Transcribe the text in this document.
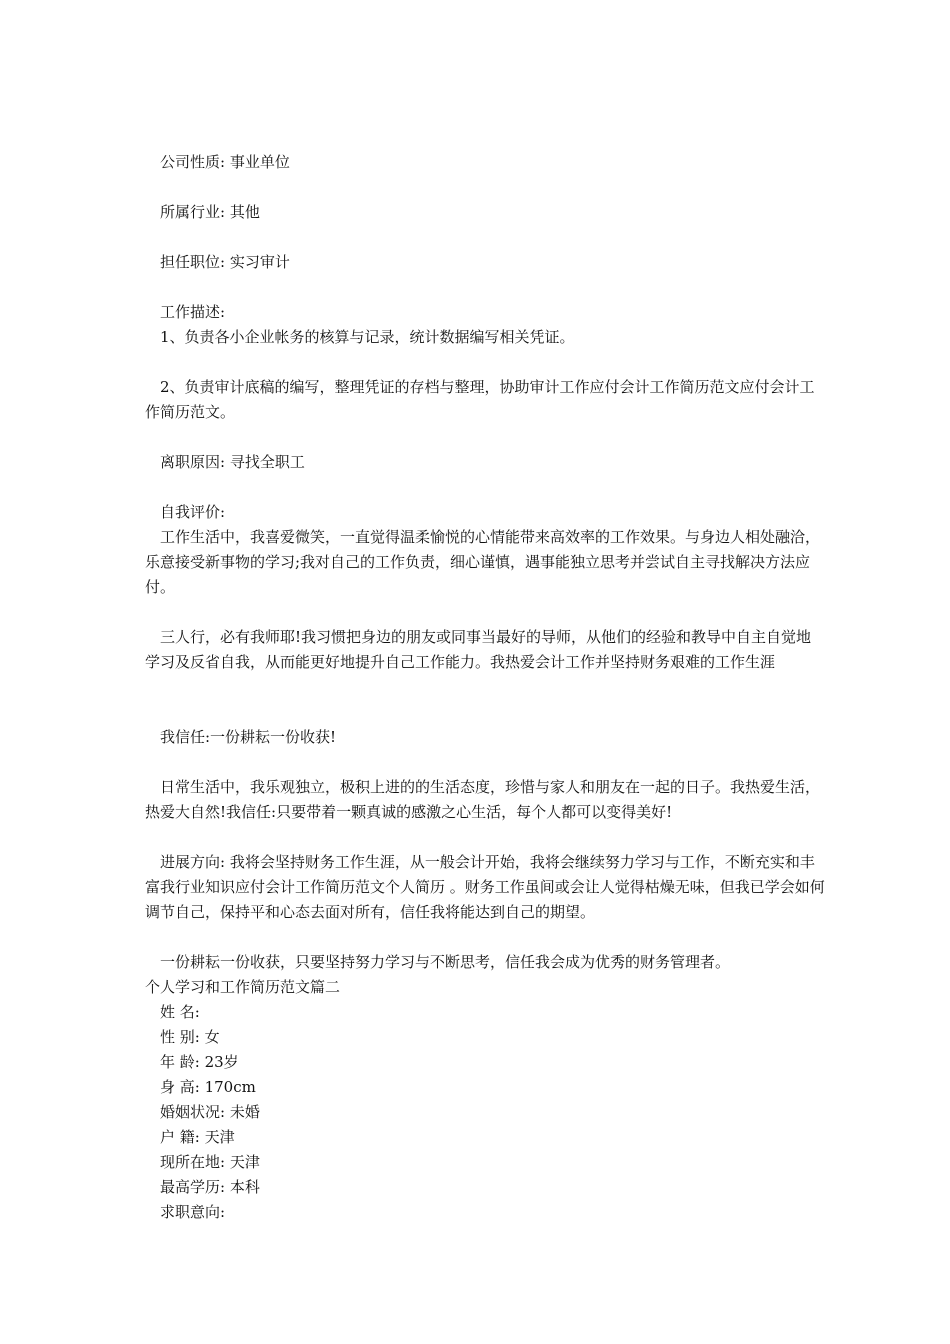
公司性质: 事业单位
所属行业: 其他
担任职位: 实习审计
工作描述:
1、负责各小企业帐务的核算与记录，统计数据编写相关凭证。
2、负责审计底稿的编写，整理凭证的存档与整理，协助审计工作应付会计工作简历范文应付会计工作简历范文。
离职原因: 寻找全职工
自我评价:
工作生活中，我喜爱微笑，一直觉得温柔愉悦的心情能带来高效率的工作效果。与身边人相处融洽，乐意接受新事物的学习;我对自己的工作负责，细心谨慎，遇事能独立思考并尝试自主寻找解决方法应付。
三人行，必有我师耶!我习惯把身边的朋友或同事当最好的导师，从他们的经验和教导中自主自觉地学习及反省自我，从而能更好地提升自己工作能力。我热爱会计工作并坚持财务艰难的工作生涯
我信任:一份耕耘一份收获!
日常生活中，我乐观独立，极积上进的的生活态度，珍惜与家人和朋友在一起的日子。我热爱生活，热爱大自然!我信任:只要带着一颗真诚的感激之心生活，每个人都可以变得美好!
进展方向: 我将会坚持财务工作生涯，从一般会计开始，我将会继续努力学习与工作，不断充实和丰富我行业知识应付会计工作简历范文个人简历 。财务工作虽间或会让人觉得枯燥无味，但我已学会如何调节自己，保持平和心态去面对所有，信任我将能达到自己的期望。
一份耕耘一份收获，只要坚持努力学习与不断思考，信任我会成为优秀的财务管理者。
个人学习和工作简历范文篇二
姓 名:
性 别: 女
年 龄: 23岁
身 高: 170cm
婚姻状况: 未婚
户 籍: 天津
现所在地: 天津
最高学历: 本科
求职意向:
